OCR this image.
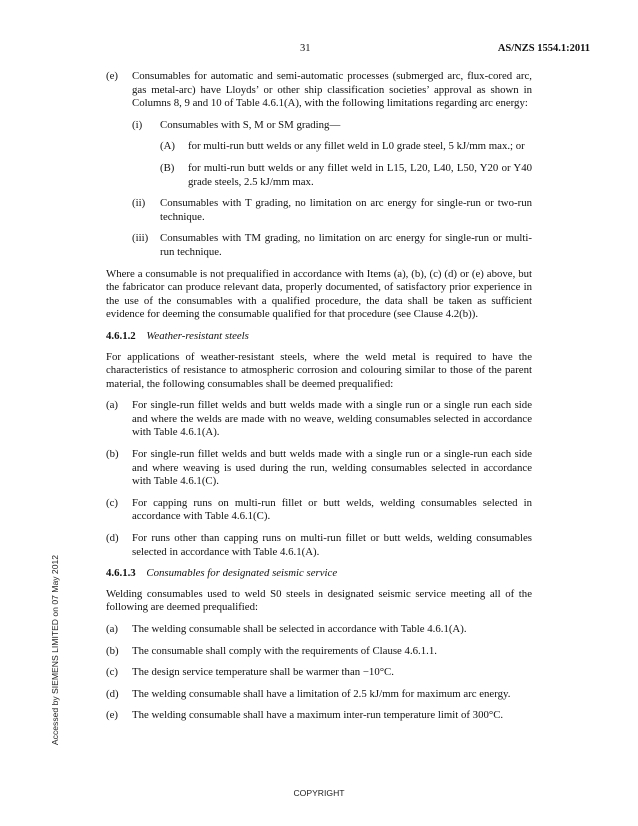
31	AS/NZS 1554.1:2011
(e) Consumables for automatic and semi-automatic processes (submerged arc, flux-cored arc, gas metal-arc) have Lloyds’ or other ship classification societies’ approval as shown in Columns 8, 9 and 10 of Table 4.6.1(A), with the following limitations regarding arc energy:
(i) Consumables with S, M or SM grading—
(A) for multi-run butt welds or any fillet weld in L0 grade steel, 5 kJ/mm max.; or
(B) for multi-run butt welds or any fillet weld in L15, L20, L40, L50, Y20 or Y40 grade steels, 2.5 kJ/mm max.
(ii) Consumables with T grading, no limitation on arc energy for single-run or two-run technique.
(iii) Consumables with TM grading, no limitation on arc energy for single-run or multi-run technique.
Where a consumable is not prequalified in accordance with Items (a), (b), (c) (d) or (e) above, but the fabricator can produce relevant data, properly documented, of satisfactory prior experience in the use of the consumables with a qualified procedure, the data shall be taken as sufficient evidence for deeming the consumable qualified for that procedure (see Clause 4.2(b)).
4.6.1.2 Weather-resistant steels
For applications of weather-resistant steels, where the weld metal is required to have the characteristics of resistance to atmospheric corrosion and colouring similar to those of the parent material, the following consumables shall be deemed prequalified:
(a) For single-run fillet welds and butt welds made with a single run or a single run each side and where the welds are made with no weave, welding consumables selected in accordance with Table 4.6.1(A).
(b) For single-run fillet welds and butt welds made with a single run or a single-run each side and where weaving is used during the run, welding consumables selected in accordance with Table 4.6.1(C).
(c) For capping runs on multi-run fillet or butt welds, welding consumables selected in accordance with Table 4.6.1(C).
(d) For runs other than capping runs on multi-run fillet or butt welds, welding consumables selected in accordance with Table 4.6.1(A).
4.6.1.3 Consumables for designated seismic service
Welding consumables used to weld S0 steels in designated seismic service meeting all of the following are deemed prequalified:
(a) The welding consumable shall be selected in accordance with Table 4.6.1(A).
(b) The consumable shall comply with the requirements of Clause 4.6.1.1.
(c) The design service temperature shall be warmer than −10°C.
(d) The welding consumable shall have a limitation of 2.5 kJ/mm for maximum arc energy.
(e) The welding consumable shall have a maximum inter-run temperature limit of 300°C.
Accessed by SIEMENS LIMITED on 07 May 2012
COPYRIGHT
